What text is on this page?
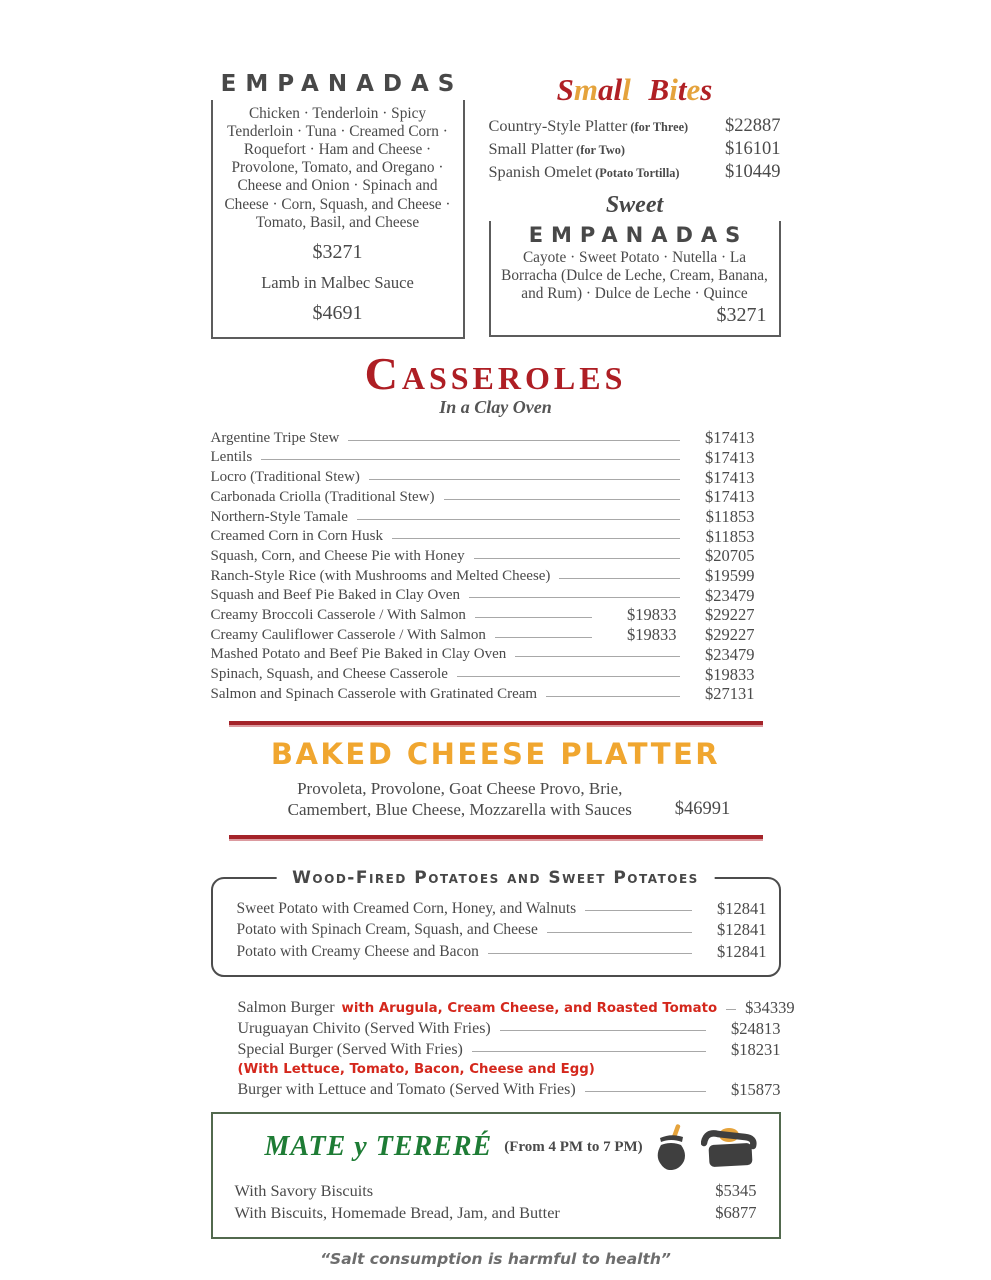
EMPANADAS

Chicken · Tenderloin · Spicy Tenderloin · Tuna · Creamed Corn · Roquefort · Ham and Cheese · Provolone, Tomato, and Oregano · Cheese and Onion · Spinach and Cheese · Corn, Squash, and Cheese · Tomato, Basil, and Cheese

$3271
Lamb in Malbec Sauce
$4691
Small Bites
Country-Style Platter (for Three) $22887
Small Platter (for Two)	$16101
Spanish Omelet (Potato Tortilla) $10449
Sweet
EMPANADAS

Cayote · Sweet Potato · Nutella · La Borracha (Dulce de Leche, Cream, Banana, and Rum) · Dulce de Leche · Quince

$3271
Casseroles
In a Clay Oven
Argentine Tripe Stew	$17413
Lentils	$17413
Locro (Traditional Stew)	$17413
Carbonada Criolla (Traditional Stew)	$17413
Northern-Style Tamale	$11853
Creamed Corn in Corn Husk	$11853
Squash, Corn, and Cheese Pie with Honey	$20705
Ranch-Style Rice (with Mushrooms and Melted Cheese)	$19599
Squash and Beef Pie Baked in Clay Oven	$23479
Creamy Broccoli Casserole / With Salmon	$19833	$29227
Creamy Cauliflower Casserole / With Salmon	$19833	$29227
Mashed Potato and Beef Pie Baked in Clay Oven	$23479
Spinach, Squash, and Cheese Casserole	$19833
Salmon and Spinach Casserole with Gratinated Cream	$27131
BAKED CHEESE PLATTER

Provoleta, Provolone, Goat Cheese Provo, Brie, Camembert, Blue Cheese, Mozzarella with Sauces	$46991
Wood-Fired Potatoes and Sweet Potatoes
Sweet Potato with Creamed Corn, Honey, and Walnuts	$12841
Potato with Spinach Cream, Squash, and Cheese	$12841
Potato with Creamy Cheese and Bacon	$12841
Salmon Burger with Arugula, Cream Cheese, and Roasted Tomato $34339
Uruguayan Chivito (Served With Fries)	$24813
Special Burger (Served With Fries)	$18231
(With Lettuce, Tomato, Bacon, Cheese and Egg)
Burger with Lettuce and Tomato (Served With Fries)	$15873
MATE y TERERÉ (From 4 PM to 7 PM)
With Savory Biscuits	$5345
With Biscuits, Homemade Bread, Jam, and Butter	$6877
“Salt consumption is harmful to health”
